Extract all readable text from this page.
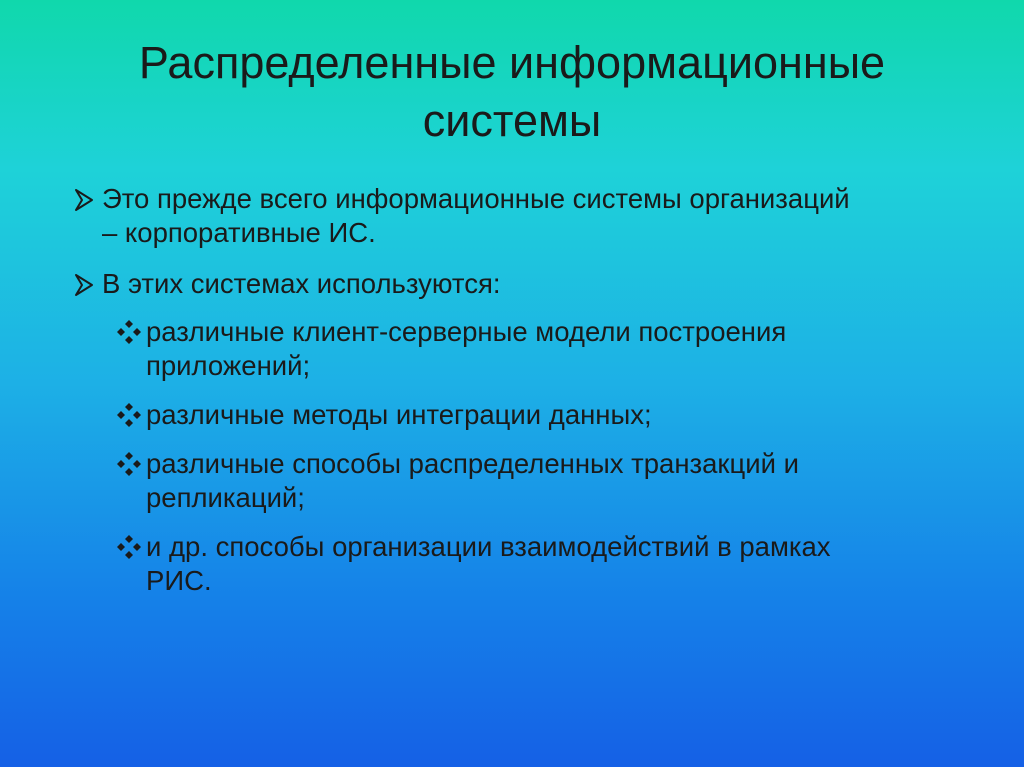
Распределенные информационные
системы
Это прежде всего информационные системы организаций
– корпоративные ИС.
В этих системах используются:
различные клиент-серверные модели построения
приложений;
различные методы интеграции данных;
различные способы распределенных транзакций и
репликаций;
и др. способы организации взаимодействий в рамках
РИС.
